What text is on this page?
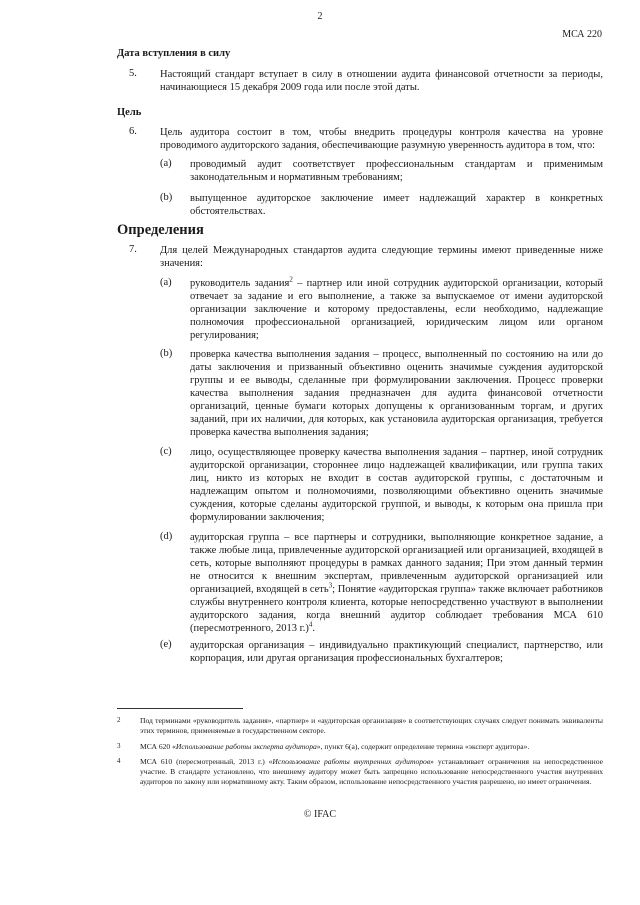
2
МСА 220
Дата вступления в силу
5. Настоящий стандарт вступает в силу в отношении аудита финансовой отчетности за периоды, начинающиеся 15 декабря 2009 года или после этой даты.
Цель
6. Цель аудитора состоит в том, чтобы внедрить процедуры контроля качества на уровне проводимого аудиторского задания, обеспечивающие разумную уверенность аудитора в том, что:
(a) проводимый аудит соответствует профессиональным стандартам и применимым законодательным и нормативным требованиям;
(b) выпущенное аудиторское заключение имеет надлежащий характер в конкретных обстоятельствах.
Определения
7. Для целей Международных стандартов аудита следующие термины имеют приведенные ниже значения:
(a) руководитель задания$^2$ – партнер или иной сотрудник аудиторской организации, который отвечает за задание и его выполнение, а также за выпускаемое от имени аудиторской организации заключение и которому предоставлены, если необходимо, надлежащие полномочия профессиональной организацией, юридическим лицом или органом регулирования;
(b) проверка качества выполнения задания – процесс, выполненный по состоянию на или до даты заключения и призванный объективно оценить значимые суждения аудиторской группы и ее выводы, сделанные при формулировании заключения. Процесс проверки качества выполнения задания предназначен для аудита финансовой отчетности организаций, ценные бумаги которых допущены к организованным торгам, и других заданий, при их наличии, для которых, как установила аудиторская организация, требуется проверка качества выполнения задания;
(c) лицо, осуществляющее проверку качества выполнения задания – партнер, иной сотрудник аудиторской организации, стороннее лицо надлежащей квалификации, или группа таких лиц, никто из которых не входит в состав аудиторской группы, с достаточным и надлежащим опытом и полномочиями, позволяющими объективно оценить значимые суждения, которые сделаны аудиторской группой, и выводы, к которым она пришла при формулировании заключения;
(d) аудиторская группа – все партнеры и сотрудники, выполняющие конкретное задание, а также любые лица, привлеченные аудиторской организацией или организацией, входящей в сеть, которые выполняют процедуры в рамках данного задания; При этом данный термин не относится к внешним экспертам, привлеченным аудиторской организацией или организацией, входящей в сеть$^3$; Понятие «аудиторская группа» также включает работников службы внутреннего контроля клиента, которые непосредственно участвуют в выполнении аудиторского задания, когда внешний аудитор соблюдает требования МСА 610 (пересмотренного, 2013 г.)$^4$.
(e) аудиторская организация – индивидуально практикующий специалист, партнерство, или корпорация, или другая организация профессиональных бухгалтеров;
2	Под терминами «руководитель задания», «партнер» и «аудиторская организация» в соответствующих случаях следует понимать эквиваленты этих терминов, применяемые в государственном секторе.
3	МСА 620 «Использование работы эксперта аудитора», пункт 6(a), содержит определение термина «эксперт аудитора».
4	МСА 610 (пересмотренный, 2013 г.) «Использование работы внутренних аудиторов» устанавливает ограничения на непосредственное участие. В стандарте установлено, что внешнему аудитору может быть запрещено использование непосредственного участия внутренних аудиторов по закону или нормативному акту. Таким образом, использование непосредственного участия разрешено, но имеет ограничения.
© IFAC
